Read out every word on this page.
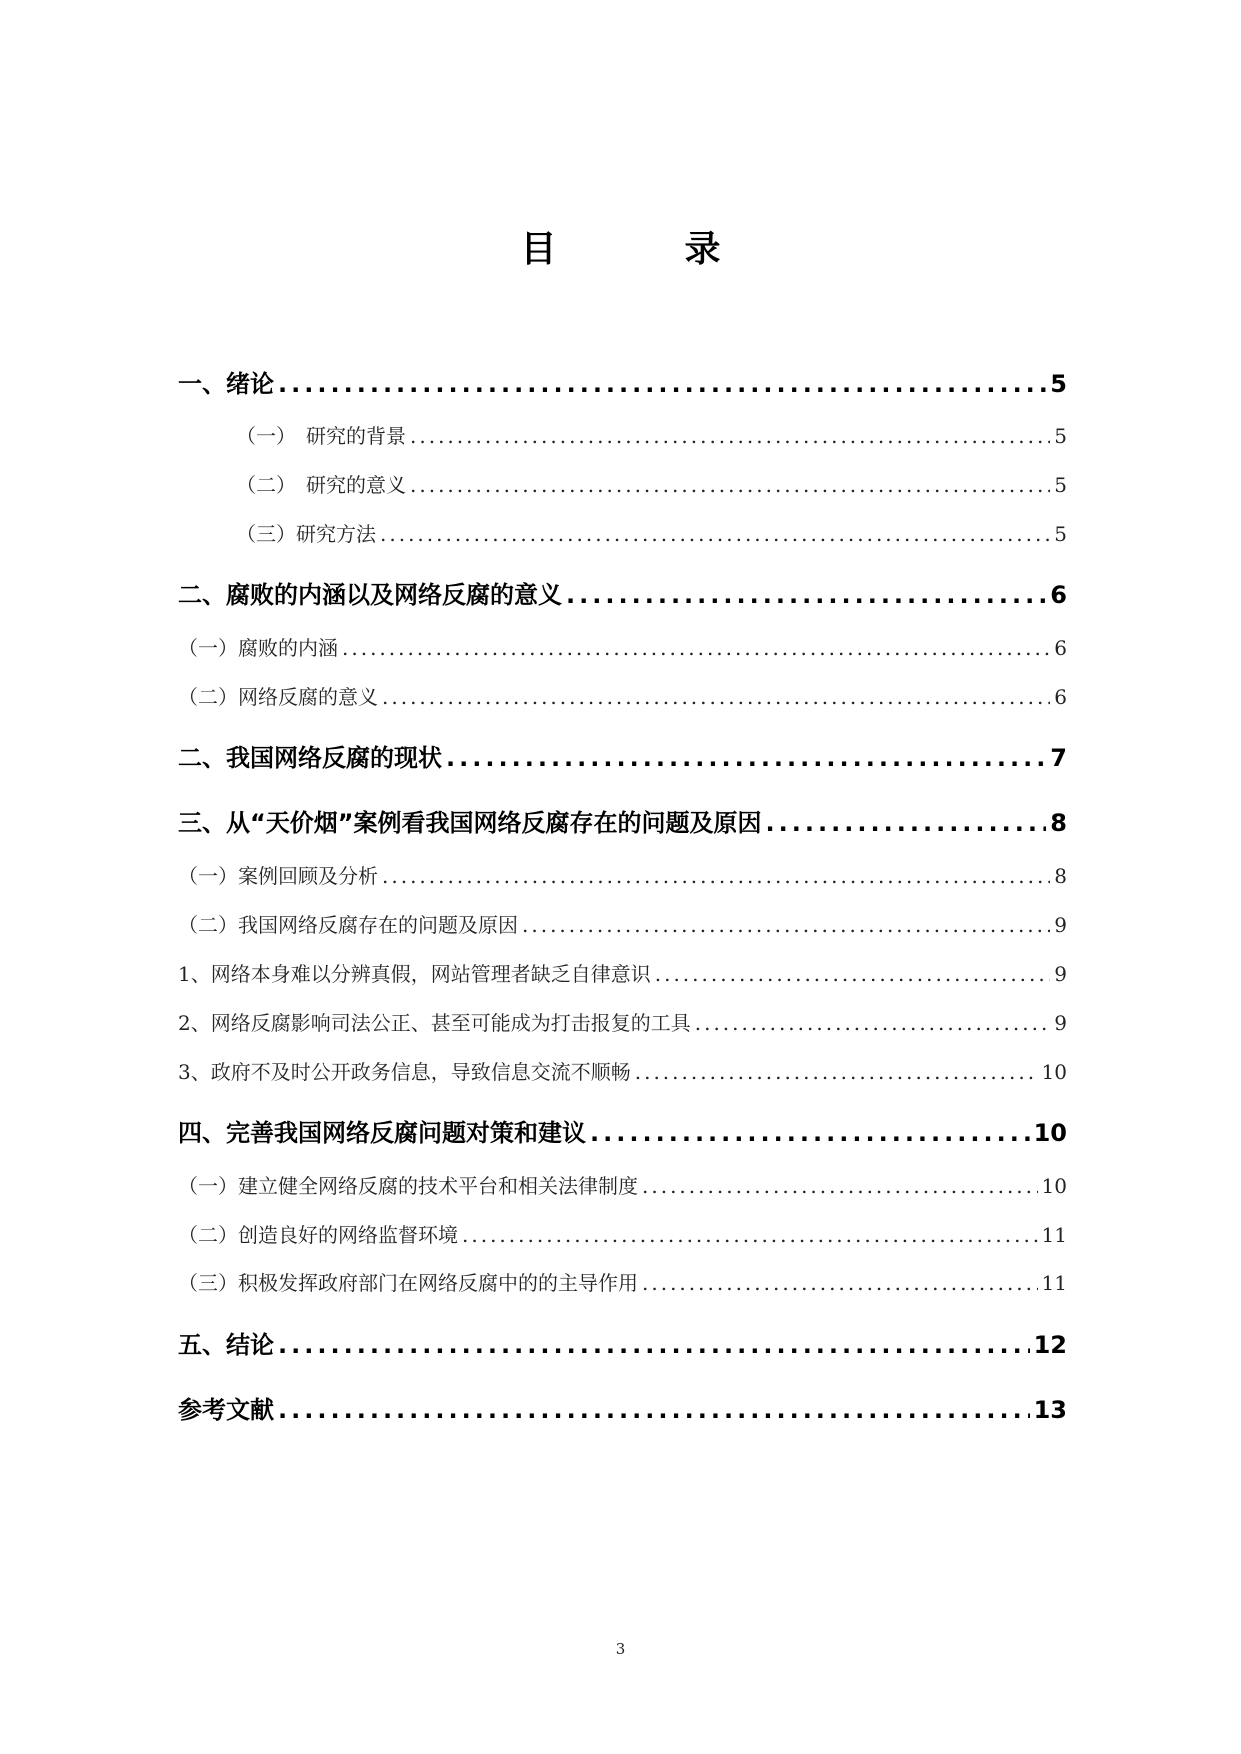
目　录
一、绪论 .....	5
（一）　研究的背景 .....	5
（二）　研究的意义 .....	5
（三）研究方法 .....	5
二、腐败的内涵以及网络反腐的意义 .....	6
（一）腐败的内涵 .....	6
（二）网络反腐的意义 .....	6
二、我国网络反腐的现状 .....	7
三、从“天价烟”案例看我国网络反腐存在的问题及原因 .....	8
（一）案例回顾及分析 .....	8
（二）我国网络反腐存在的问题及原因 .....	9
1、网络本身难以分辨真假，网站管理者缺乏自律意识 .....	9
2、网络反腐影响司法公正、甚至可能成为打击报复的工具 .....	9
3、政府不及时公开政务信息，导致信息交流不顺畅 .....	10
四、完善我国网络反腐问题对策和建议 .....	10
（一）建立健全网络反腐的技术平台和相关法律制度 .....	10
（二）创造良好的网络监督环境 .....	11
（三）积极发挥政府部门在网络反腐中的的主导作用 .....	11
五、结论 .....	12
参考文献 .....	13
3
